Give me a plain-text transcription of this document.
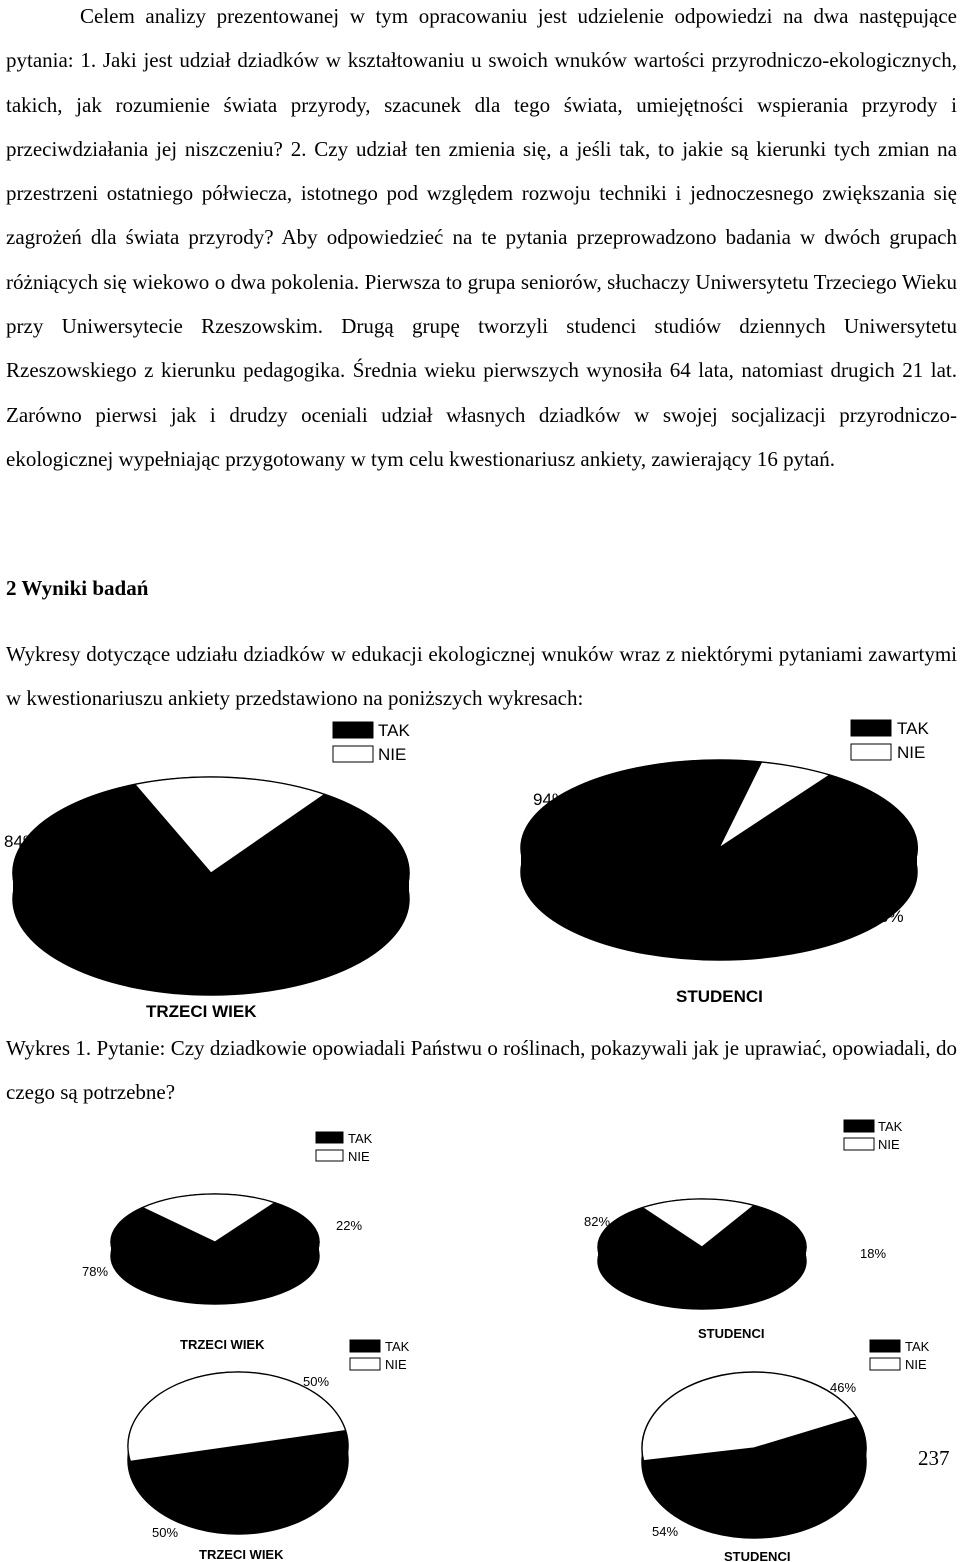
Celem analizy prezentowanej w tym opracowaniu jest udzielenie odpowiedzi na dwa następujące pytania: 1. Jaki jest udział dziadków w kształtowaniu u swoich wnuków wartości przyrodniczo-ekologicznych, takich, jak rozumienie świata przyrody, szacunek dla tego świata, umiejętności wspierania przyrody i przeciwdziałania jej niszczeniu? 2. Czy udział ten zmienia się, a jeśli tak, to jakie są kierunki tych zmian na przestrzeni ostatniego półwiecza, istotnego pod względem rozwoju techniki i jednoczesnego zwiększania się zagrożeń dla świata przyrody? Aby odpowiedzieć na te pytania przeprowadzono badania w dwóch grupach różniących się wiekowo o dwa pokolenia. Pierwsza to grupa seniorów, słuchaczy Uniwersytetu Trzeciego Wieku przy Uniwersytecie Rzeszowskim. Drugą grupę tworzyli studenci studiów dziennych Uniwersytetu Rzeszowskiego z kierunku pedagogika. Średnia wieku pierwszych wynosiła 64 lata, natomiast drugich 21 lat. Zarówno pierwsi jak i drudzy oceniali udział własnych dziadków w swojej socjalizacji przyrodniczo-ekologicznej wypełniając przygotowany w tym celu kwestionariusz ankiety, zawierający 16 pytań.

2 Wyniki badań

Wykresy dotyczące udziału dziadków w edukacji ekologicznej wnuków wraz z niektórymi pytaniami zawartymi w kwestionariuszu ankiety przedstawiono na poniższych wykresach:

Wykres 1. Pytanie: Czy dziadkowie opowiadali Państwu o roślinach, pokazywali jak je uprawiać, opowiadali, do czego są potrzebne?

237
TAK
NIE
84%
16%
TRZECI WIEK
TAK
NIE
94%
6%
STUDENCI
TAK
NIE
78%
22%
TAK
NIE
82%
18%
TRZECI WIEK	TAK
NIE
50%
50%
TRZECI WIEK
STUDENCI
TAK
NIE
46%
54%
STUDENCI
